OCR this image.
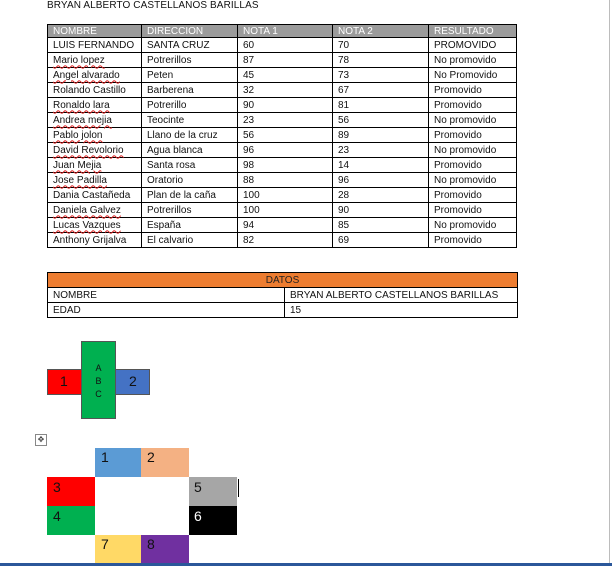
BRYAN ALBERTO CASTELLANOS BARILLAS
NOMBRE	DIRECCION	NOTA 1	NOTA 2	RESULTADO
LUIS FERNANDO	SANTA CRUZ	60	70	PROMOVIDO
Mario lopez	Potrerillos	87	78	No promovido
Angel alvarado	Peten	45	73	No Promovido
Rolando Castillo	Barberena	32	67	Promovido
Ronaldo lara	Potrerillo	90	81	Promovido
Andrea mejia	Teocinte	23	56	No promovido
Pablo jolon	Llano de la cruz	56	89	Promovido
David Revolorio	Agua blanca	96	23	No promovido
Juan Mejia	Santa rosa	98	14	Promovido
Jose Padilla	Oratorio	88	96	No promovido
Dania Castañeda	Plan de la caña	100	28	Promovido
Daniela Galvez	Potrerillos	100	90	Promovido
Lucas Vazques	España	94	85	No promovido
Anthony Grijalva	El calvario	82	69	Promovido
DATOS	
NOMBRE	BRYAN ALBERTO CASTELLANOS BARILLAS
EDAD	15
1
A
B
C
2
✥
1	2
3	5
4	6
7	8
